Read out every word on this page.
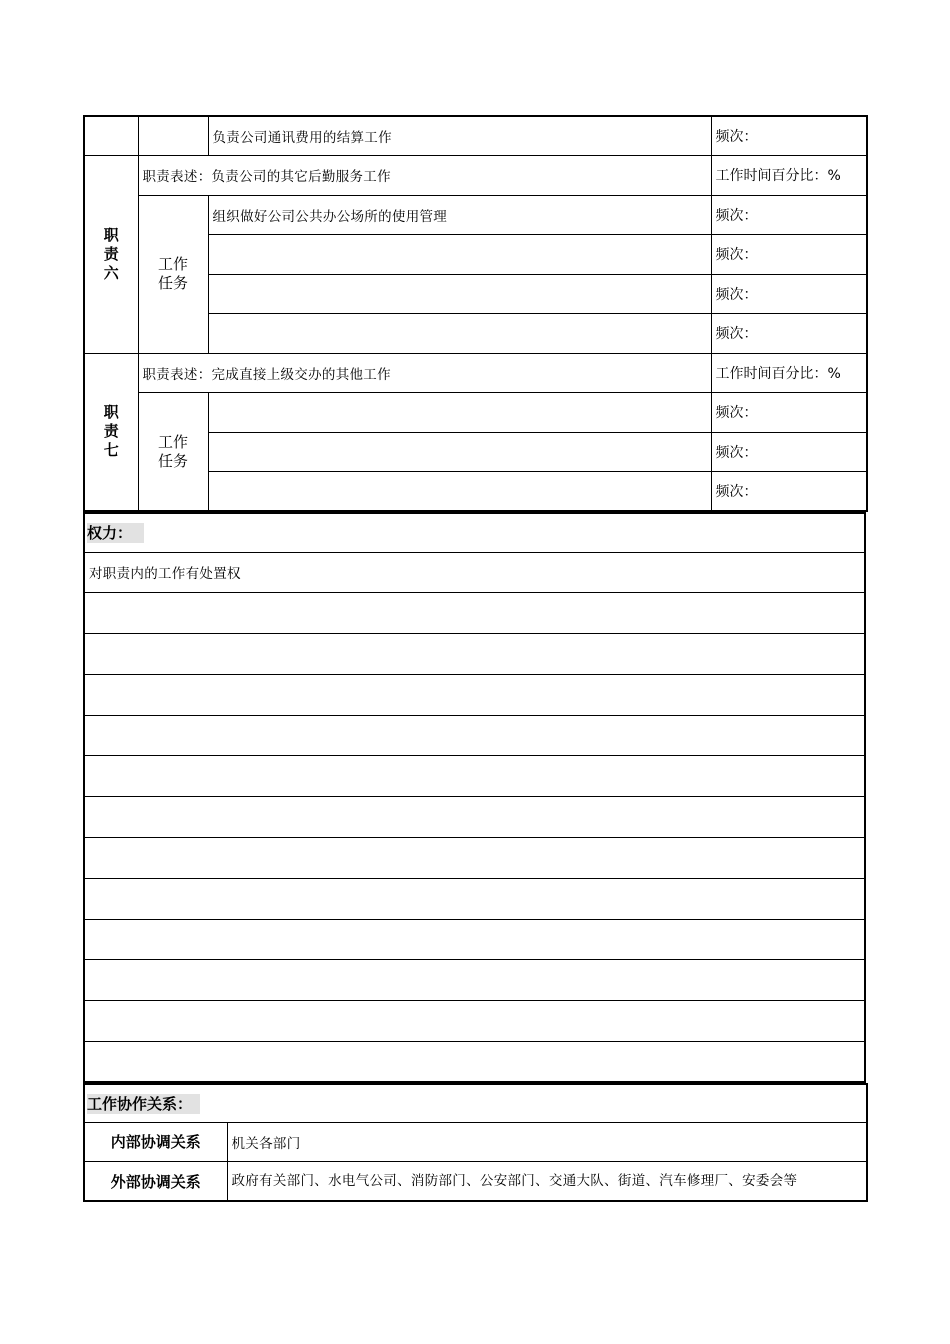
		负责公司通讯费用的结算工作	频次：
职
责
六	职责表述：负责公司的其它后勤服务工作		工作时间百分比：%
	工作
任务	组织做好公司公共办公场所的使用管理	频次：
			频次：
			频次：
			频次：
职
责
七	职责表述：完成直接上级交办的其他工作		工作时间百分比：%
	工作
任务		频次：
			频次：
			频次：
权力：
对职责内的工作有处置权

工作协作关系：	
内部协调关系	机关各部门
外部协调关系	政府有关部门、水电气公司、消防部门、公安部门、交通大队、街道、汽车修理厂、安委会等
